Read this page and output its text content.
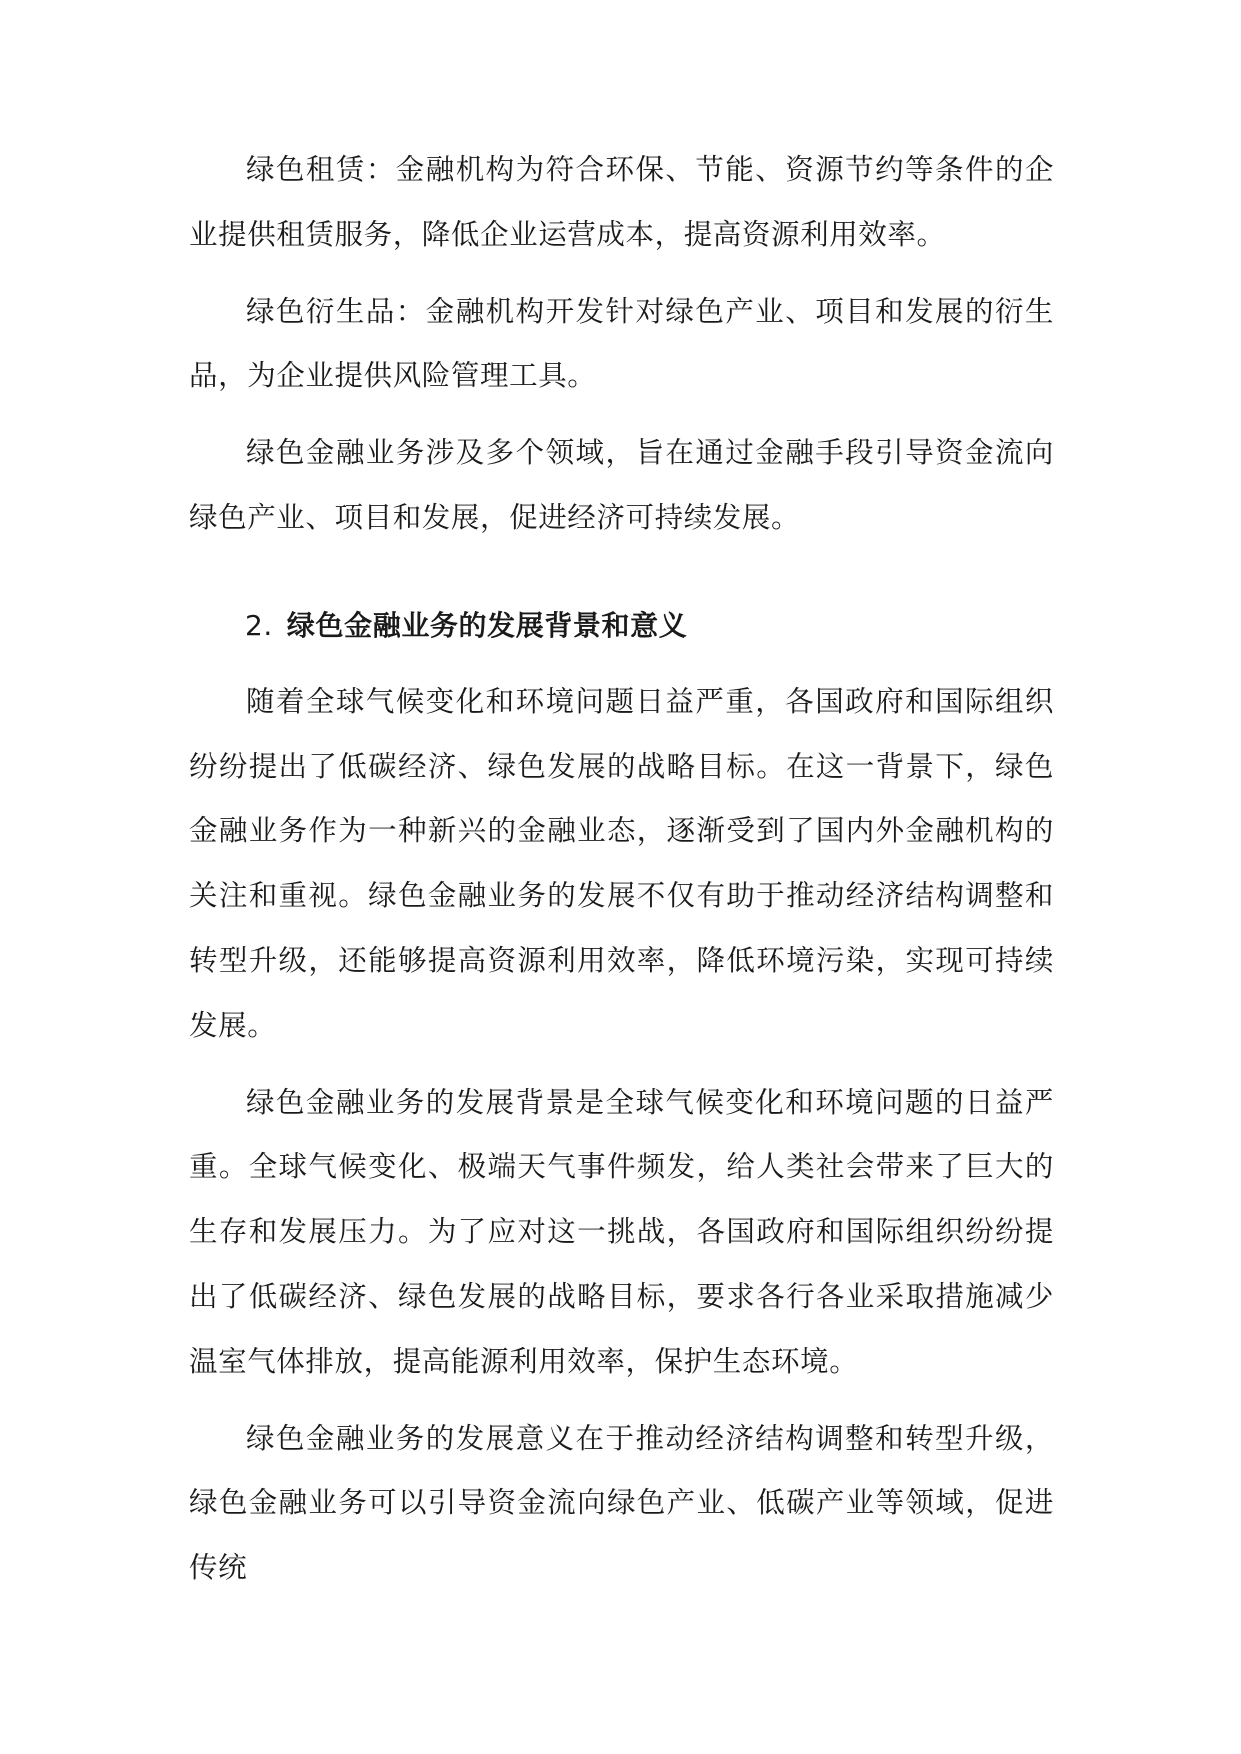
绿色租赁：金融机构为符合环保、节能、资源节约等条件的企业提供租赁服务，降低企业运营成本，提高资源利用效率。

绿色衍生品：金融机构开发针对绿色产业、项目和发展的衍生品，为企业提供风险管理工具。

绿色金融业务涉及多个领域，旨在通过金融手段引导资金流向绿色产业、项目和发展，促进经济可持续发展。

2. 绿色金融业务的发展背景和意义

随着全球气候变化和环境问题日益严重，各国政府和国际组织纷纷提出了低碳经济、绿色发展的战略目标。在这一背景下，绿色金融业务作为一种新兴的金融业态，逐渐受到了国内外金融机构的关注和重视。绿色金融业务的发展不仅有助于推动经济结构调整和转型升级，还能够提高资源利用效率，降低环境污染，实现可持续发展。

绿色金融业务的发展背景是全球气候变化和环境问题的日益严重。全球气候变化、极端天气事件频发，给人类社会带来了巨大的生存和发展压力。为了应对这一挑战，各国政府和国际组织纷纷提出了低碳经济、绿色发展的战略目标，要求各行各业采取措施减少温室气体排放，提高能源利用效率，保护生态环境。

绿色金融业务的发展意义在于推动经济结构调整和转型升级，绿色金融业务可以引导资金流向绿色产业、低碳产业等领域，促进传统
